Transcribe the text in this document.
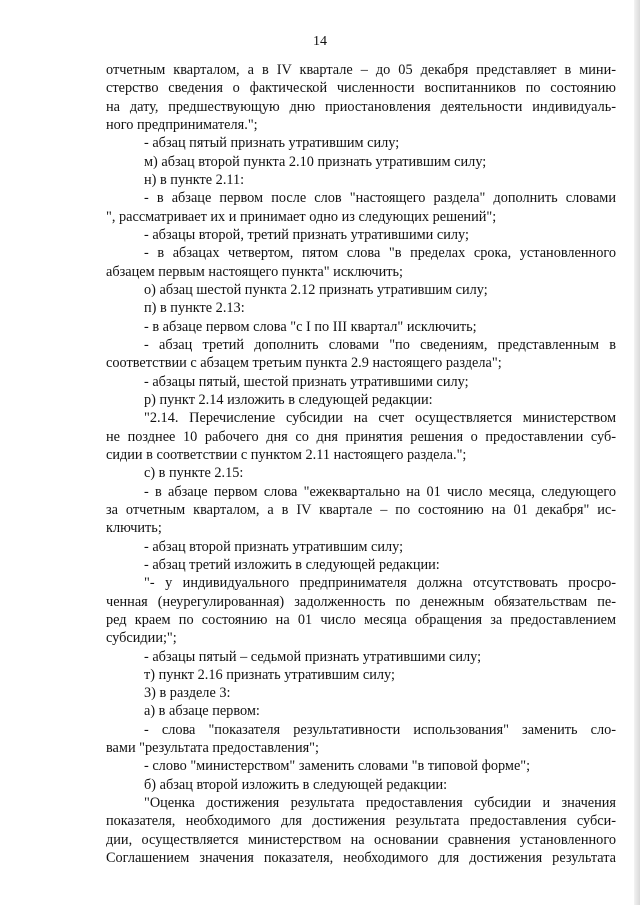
14
отчетным кварталом, а в IV квартале – до 05 декабря представляет в мини-
стерство сведения о фактической численности воспитанников по состоянию
на дату, предшествующую дню приостановления деятельности индивидуаль-
ного предпринимателя.";
- абзац пятый признать утратившим силу;
м) абзац второй пункта 2.10 признать утратившим силу;
н) в пункте 2.11:
- в абзаце первом после слов "настоящего раздела" дополнить словами
", рассматривает их и принимает одно из следующих решений";
- абзацы второй, третий признать утратившими силу;
- в абзацах четвертом, пятом слова "в пределах срока, установленного
абзацем первым настоящего пункта" исключить;
о) абзац шестой пункта 2.12 признать утратившим силу;
п) в пункте 2.13:
- в абзаце первом слова "с I по III квартал" исключить;
- абзац третий дополнить словами "по сведениям, представленным в
соответствии с абзацем третьим пункта 2.9 настоящего раздела";
- абзацы пятый, шестой признать утратившими силу;
р) пункт 2.14 изложить в следующей редакции:
"2.14. Перечисление субсидии на счет осуществляется министерством
не позднее 10 рабочего дня со дня принятия решения о предоставлении суб-
сидии в соответствии с пунктом 2.11 настоящего раздела.";
с) в пункте 2.15:
- в абзаце первом слова "ежеквартально на 01 число месяца, следующего
за отчетным кварталом, а в IV квартале – по состоянию на 01 декабря" ис-
ключить;
- абзац второй признать утратившим силу;
- абзац третий изложить в следующей редакции:
"- у индивидуального предпринимателя должна отсутствовать просро-
ченная (неурегулированная) задолженность по денежным обязательствам пе-
ред краем по состоянию на 01 число месяца обращения за предоставлением
субсидии;";
- абзацы пятый – седьмой признать утратившими силу;
т) пункт 2.16 признать утратившим силу;
3) в разделе 3:
а) в абзаце первом:
- слова "показателя результативности использования" заменить сло-
вами "результата предоставления";
- слово "министерством" заменить словами "в типовой форме";
б) абзац второй изложить в следующей редакции:
"Оценка достижения результата предоставления субсидии и значения
показателя, необходимого для достижения результата предоставления субси-
дии, осуществляется министерством на основании сравнения установленного
Соглашением значения показателя, необходимого для достижения результата
